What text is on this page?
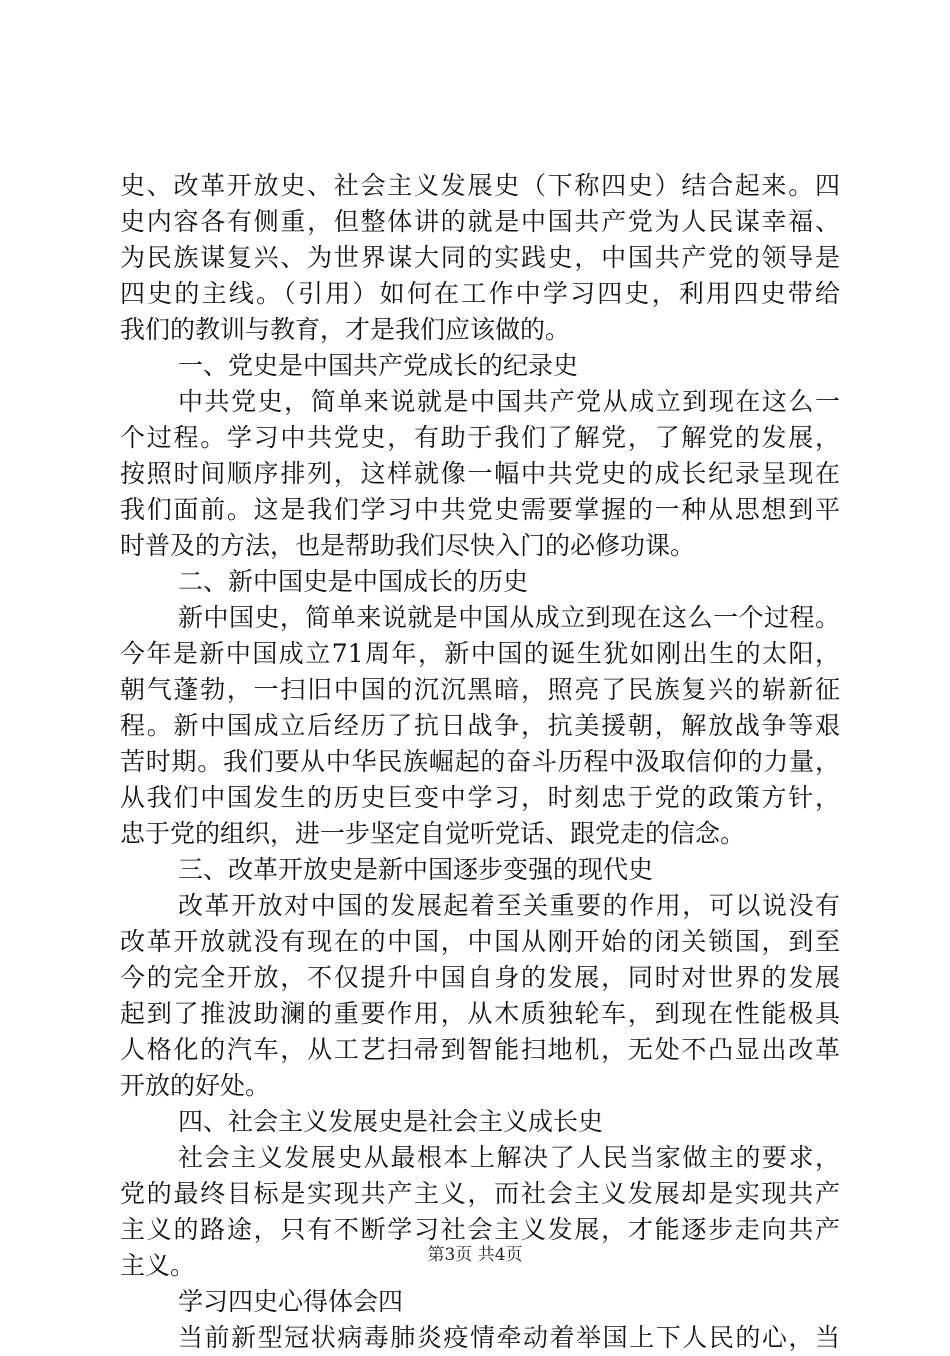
史、改革开放史、社会主义发展史（下称四史）结合起来。四
史内容各有侧重，但整体讲的就是中国共产党为人民谋幸福、
为民族谋复兴、为世界谋大同的实践史，中国共产党的领导是
四史的主线。（引用）如何在工作中学习四史，利用四史带给
我们的教训与教育，才是我们应该做的。
一、党史是中国共产党成长的纪录史
中共党史，简单来说就是中国共产党从成立到现在这么一
个过程。学习中共党史，有助于我们了解党，了解党的发展，
按照时间顺序排列，这样就像一幅中共党史的成长纪录呈现在
我们面前。这是我们学习中共党史需要掌握的一种从思想到平
时普及的方法，也是帮助我们尽快入门的必修功课。
二、新中国史是中国成长的历史
新中国史，简单来说就是中国从成立到现在这么一个过程。
今年是新中国成立71周年，新中国的诞生犹如刚出生的太阳，
朝气蓬勃，一扫旧中国的沉沉黑暗，照亮了民族复兴的崭新征
程。新中国成立后经历了抗日战争，抗美援朝，解放战争等艰
苦时期。我们要从中华民族崛起的奋斗历程中汲取信仰的力量，
从我们中国发生的历史巨变中学习，时刻忠于党的政策方针，
忠于党的组织，进一步坚定自觉听党话、跟党走的信念。
三、改革开放史是新中国逐步变强的现代史
改革开放对中国的发展起着至关重要的作用，可以说没有
改革开放就没有现在的中国，中国从刚开始的闭关锁国，到至
今的完全开放，不仅提升中国自身的发展，同时对世界的发展
起到了推波助澜的重要作用，从木质独轮车，到现在性能极具
人格化的汽车，从工艺扫帚到智能扫地机，无处不凸显出改革
开放的好处。
四、社会主义发展史是社会主义成长史
社会主义发展史从最根本上解决了人民当家做主的要求，
党的最终目标是实现共产主义，而社会主义发展却是实现共产
主义的路途，只有不断学习社会主义发展，才能逐步走向共产
主义。
学习四史心得体会四
当前新型冠状病毒肺炎疫情牵动着举国上下人民的心，当
第3页 共4页
